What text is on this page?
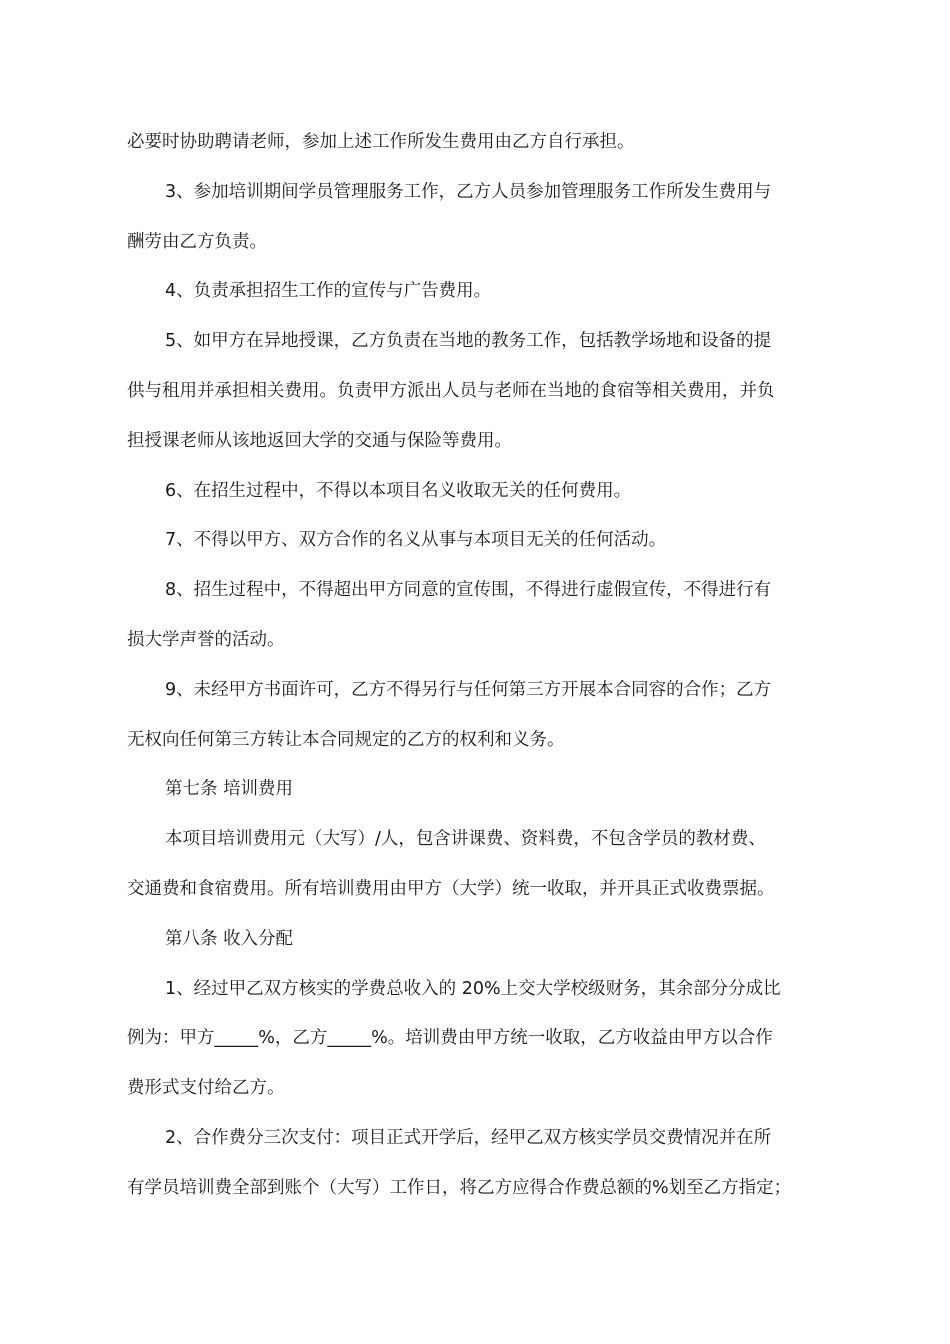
必要时协助聘请老师，参加上述工作所发生费用由乙方自行承担。

3、参加培训期间学员管理服务工作，乙方人员参加管理服务工作所发生费用与

酬劳由乙方负责。

4、负责承担招生工作的宣传与广告费用。

5、如甲方在异地授课，乙方负责在当地的教务工作，包括教学场地和设备的提

供与租用并承担相关费用。负责甲方派出人员与老师在当地的食宿等相关费用，并负

担授课老师从该地返回大学的交通与保险等费用。

6、在招生过程中，不得以本项目名义收取无关的任何费用。

7、不得以甲方、双方合作的名义从事与本项目无关的任何活动。

8、招生过程中，不得超出甲方同意的宣传围，不得进行虚假宣传，不得进行有

损大学声誉的活动。

9、未经甲方书面许可，乙方不得另行与任何第三方开展本合同容的合作；乙方

无权向任何第三方转让本合同规定的乙方的权利和义务。

第七条 培训费用

本项目培训费用元（大写）/人，包含讲课费、资料费，不包含学员的教材费、

交通费和食宿费用。所有培训费用由甲方（大学）统一收取，并开具正式收费票据。

第八条 收入分配

1、经过甲乙双方核实的学费总收入的 20%上交大学校级财务，其余部分分成比

例为：甲方_____%，乙方_____%。培训费由甲方统一收取，乙方收益由甲方以合作

费形式支付给乙方。

2、合作费分三次支付：项目正式开学后，经甲乙双方核实学员交费情况并在所

有学员培训费全部到账个（大写）工作日，将乙方应得合作费总额的%划至乙方指定；
